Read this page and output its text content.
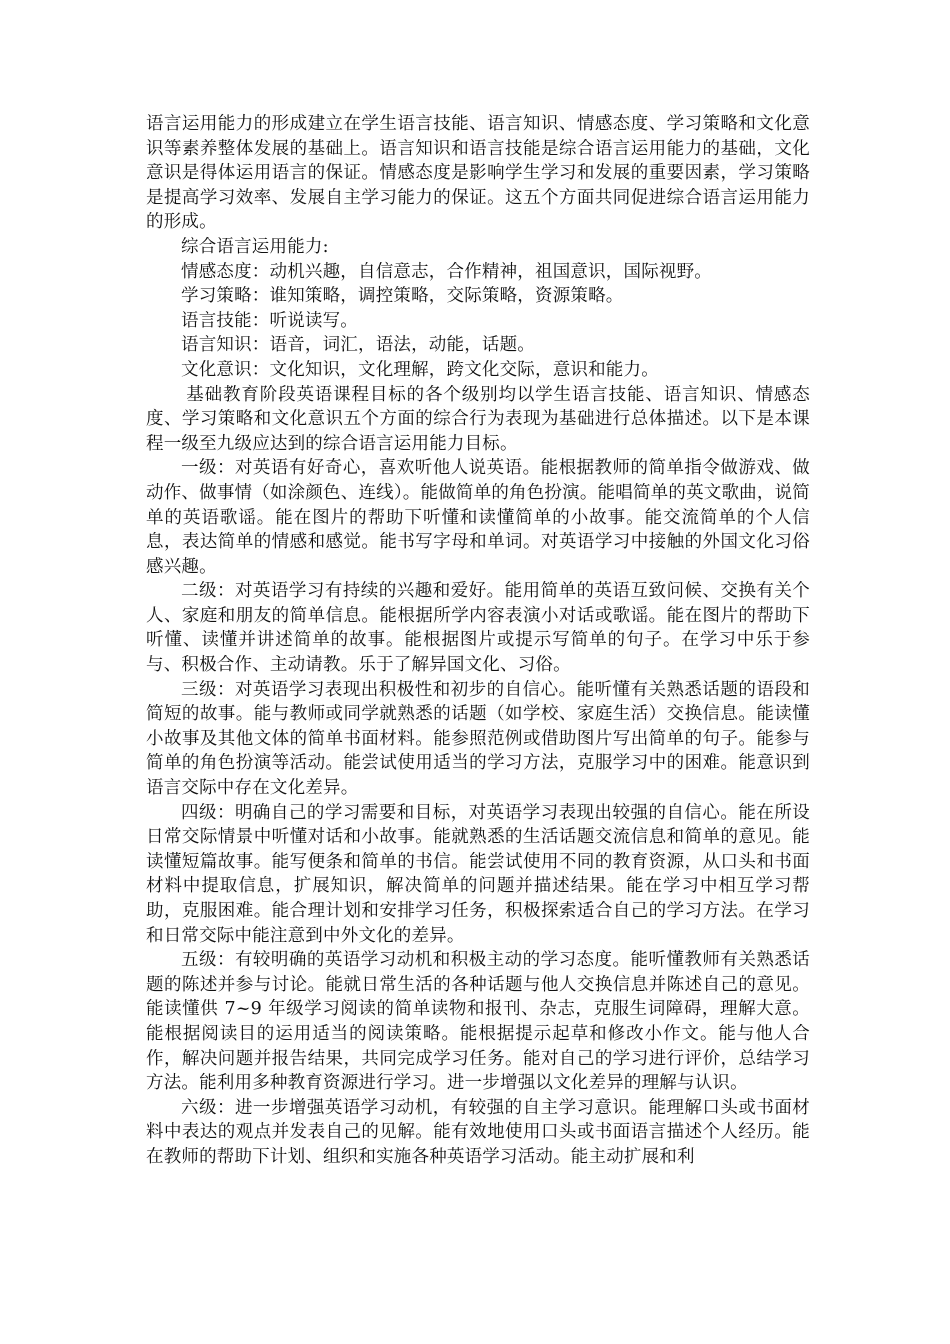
语言运用能力的形成建立在学生语言技能、语言知识、情感态度、学习策略和文化意识等素养整体发展的基础上。语言知识和语言技能是综合语言运用能力的基础，文化意识是得体运用语言的保证。情感态度是影响学生学习和发展的重要因素，学习策略是提高学习效率、发展自主学习能力的保证。这五个方面共同促进综合语言运用能力的形成。

综合语言运用能力:

情感态度：动机兴趣，自信意志，合作精神，祖国意识，国际视野。

学习策略：谁知策略，调控策略，交际策略，资源策略。

语言技能：听说读写。

语言知识：语音，词汇，语法，动能，话题。

文化意识：文化知识，文化理解，跨文化交际，意识和能力。

基础教育阶段英语课程目标的各个级别均以学生语言技能、语言知识、情感态度、学习策略和文化意识五个方面的综合行为表现为基础进行总体描述。以下是本课程一级至九级应达到的综合语言运用能力目标。

一级：对英语有好奇心，喜欢听他人说英语。能根据教师的简单指令做游戏、做动作、做事情（如涂颜色、连线）。能做简单的角色扮演。能唱简单的英文歌曲，说简单的英语歌谣。能在图片的帮助下听懂和读懂简单的小故事。能交流简单的个人信息，表达简单的情感和感觉。能书写字母和单词。对英语学习中接触的外国文化习俗感兴趣。

二级：对英语学习有持续的兴趣和爱好。能用简单的英语互致问候、交换有关个人、家庭和朋友的简单信息。能根据所学内容表演小对话或歌谣。能在图片的帮助下听懂、读懂并讲述简单的故事。能根据图片或提示写简单的句子。在学习中乐于参与、积极合作、主动请教。乐于了解异国文化、习俗。

三级：对英语学习表现出积极性和初步的自信心。能听懂有关熟悉话题的语段和简短的故事。能与教师或同学就熟悉的话题（如学校、家庭生活）交换信息。能读懂小故事及其他文体的简单书面材料。能参照范例或借助图片写出简单的句子。能参与简单的角色扮演等活动。能尝试使用适当的学习方法，克服学习中的困难。能意识到语言交际中存在文化差异。

四级：明确自己的学习需要和目标，对英语学习表现出较强的自信心。能在所设日常交际情景中听懂对话和小故事。能就熟悉的生活话题交流信息和简单的意见。能读懂短篇故事。能写便条和简单的书信。能尝试使用不同的教育资源，从口头和书面材料中提取信息，扩展知识，解决简单的问题并描述结果。能在学习中相互学习帮助，克服困难。能合理计划和安排学习任务，积极探索适合自己的学习方法。在学习和日常交际中能注意到中外文化的差异。

五级：有较明确的英语学习动机和积极主动的学习态度。能听懂教师有关熟悉话题的陈述并参与讨论。能就日常生活的各种话题与他人交换信息并陈述自己的意见。能读懂供 7~9 年级学习阅读的简单读物和报刊、杂志，克服生词障碍，理解大意。能根据阅读目的运用适当的阅读策略。能根据提示起草和修改小作文。能与他人合作，解决问题并报告结果，共同完成学习任务。能对自己的学习进行评价，总结学习方法。能利用多种教育资源进行学习。进一步增强以文化差异的理解与认识。

六级：进一步增强英语学习动机，有较强的自主学习意识。能理解口头或书面材料中表达的观点并发表自己的见解。能有效地使用口头或书面语言描述个人经历。能在教师的帮助下计划、组织和实施各种英语学习活动。能主动扩展和利
